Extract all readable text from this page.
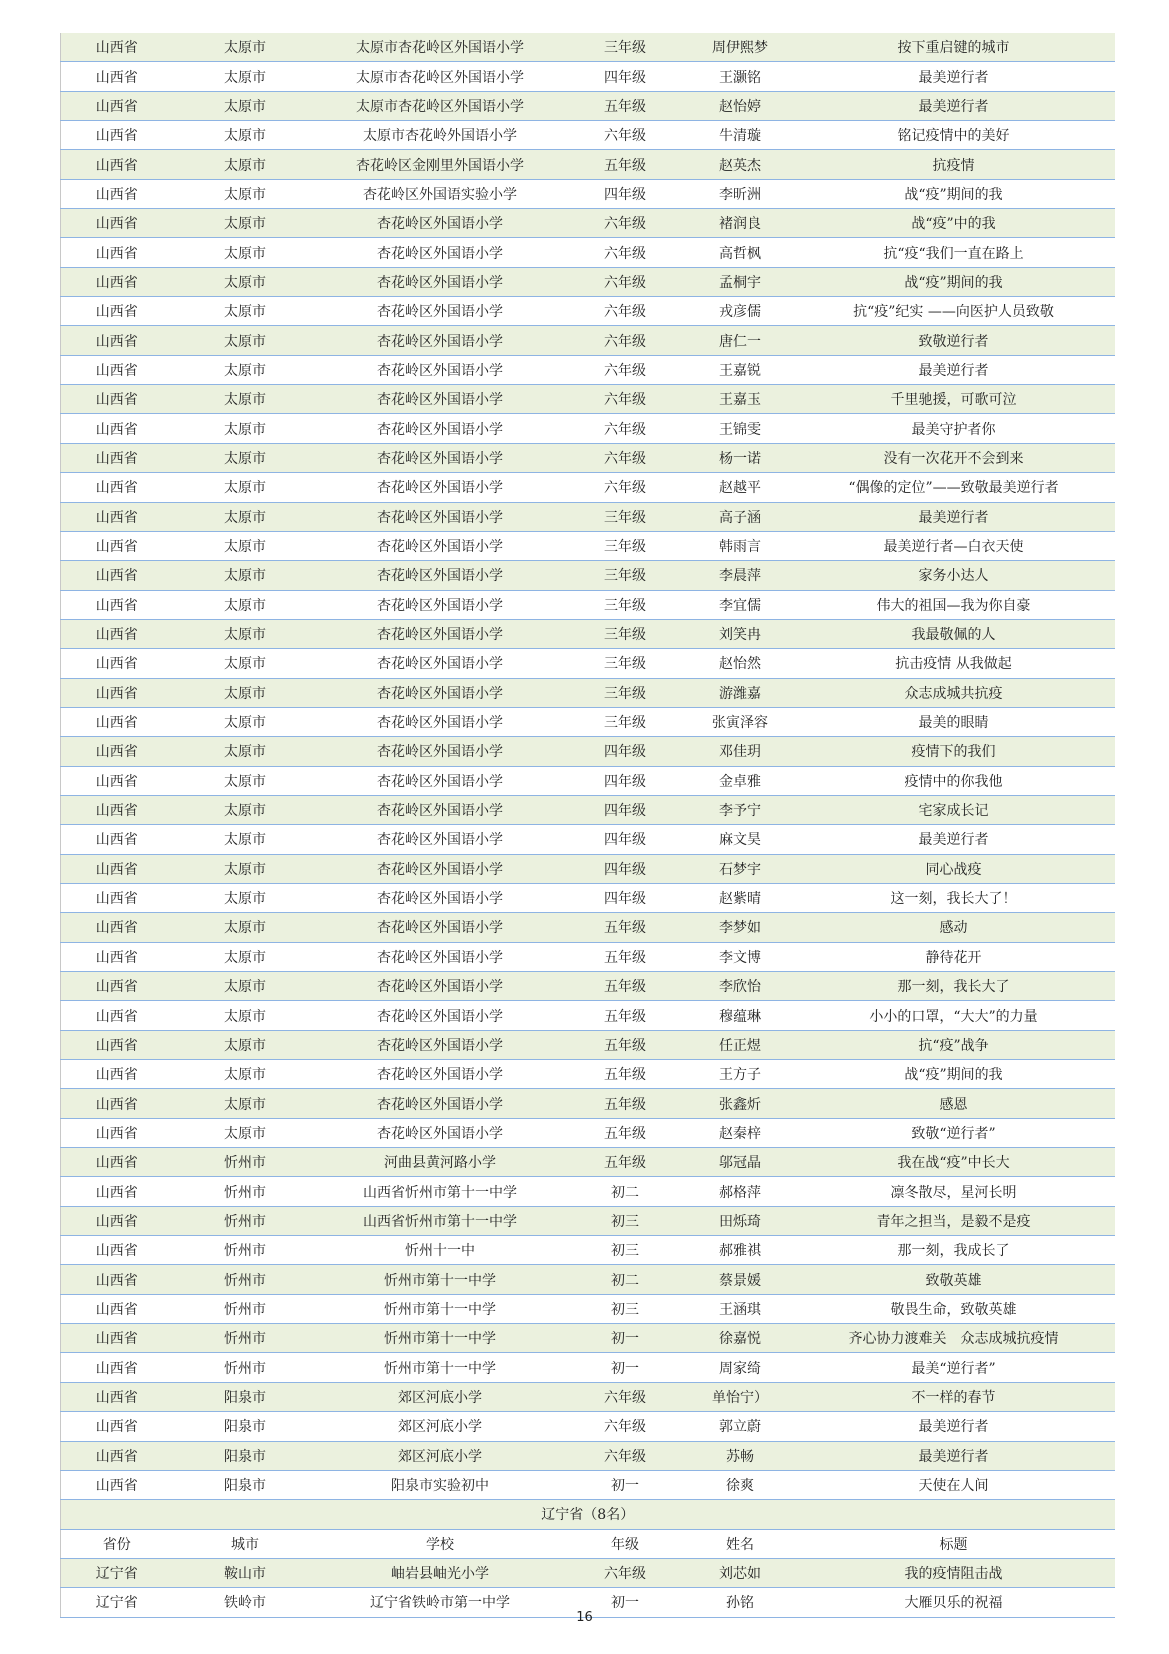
山西省	太原市	太原市杏花岭区外国语小学	三年级	周伊熙梦	按下重启键的城市
山西省	太原市	太原市杏花岭区外国语小学	四年级	王灏铭	最美逆行者
山西省	太原市	太原市杏花岭区外国语小学	五年级	赵怡婷	最美逆行者
山西省	太原市	太原市杏花岭外国语小学	六年级	牛清璇	铭记疫情中的美好
山西省	太原市	杏花岭区金刚里外国语小学	五年级	赵英杰	抗疫情
山西省	太原市	杏花岭区外国语实验小学	四年级	李昕洲	战“疫”期间的我
山西省	太原市	杏花岭区外国语小学	六年级	褚润良	战“疫”中的我
山西省	太原市	杏花岭区外国语小学	六年级	高哲枫	抗“疫“我们一直在路上
山西省	太原市	杏花岭区外国语小学	六年级	孟桐宇	战“疫”期间的我
山西省	太原市	杏花岭区外国语小学	六年级	戎彦儒	抗“疫”纪实 ——向医护人员致敬
山西省	太原市	杏花岭区外国语小学	六年级	唐仁一	致敬逆行者
山西省	太原市	杏花岭区外国语小学	六年级	王嘉锐	最美逆行者
山西省	太原市	杏花岭区外国语小学	六年级	王嘉玉	千里驰援，可歌可泣
山西省	太原市	杏花岭区外国语小学	六年级	王锦雯	最美守护者你
山西省	太原市	杏花岭区外国语小学	六年级	杨一诺	没有一次花开不会到来
山西省	太原市	杏花岭区外国语小学	六年级	赵越平	“偶像的定位”——致敬最美逆行者
山西省	太原市	杏花岭区外国语小学	三年级	高子涵	最美逆行者
山西省	太原市	杏花岭区外国语小学	三年级	韩雨言	最美逆行者—白衣天使
山西省	太原市	杏花岭区外国语小学	三年级	李晨萍	家务小达人
山西省	太原市	杏花岭区外国语小学	三年级	李宜儒	伟大的祖国—我为你自豪
山西省	太原市	杏花岭区外国语小学	三年级	刘笑冉	我最敬佩的人
山西省	太原市	杏花岭区外国语小学	三年级	赵怡然	抗击疫情 从我做起
山西省	太原市	杏花岭区外国语小学	三年级	游潍嘉	众志成城共抗疫
山西省	太原市	杏花岭区外国语小学	三年级	张寅泽容	最美的眼睛
山西省	太原市	杏花岭区外国语小学	四年级	邓佳玥	疫情下的我们
山西省	太原市	杏花岭区外国语小学	四年级	金卓雅	疫情中的你我他
山西省	太原市	杏花岭区外国语小学	四年级	李予宁	宅家成长记
山西省	太原市	杏花岭区外国语小学	四年级	麻文昊	最美逆行者
山西省	太原市	杏花岭区外国语小学	四年级	石梦宇	同心战疫
山西省	太原市	杏花岭区外国语小学	四年级	赵紫晴	这一刻，我长大了！
山西省	太原市	杏花岭区外国语小学	五年级	李梦如	感动
山西省	太原市	杏花岭区外国语小学	五年级	李文博	静待花开
山西省	太原市	杏花岭区外国语小学	五年级	李欣怡	那一刻，我长大了
山西省	太原市	杏花岭区外国语小学	五年级	穆蕴琳	小小的口罩，“大大”的力量
山西省	太原市	杏花岭区外国语小学	五年级	任正煜	抗“疫”战争
山西省	太原市	杏花岭区外国语小学	五年级	王方子	战“疫”期间的我
山西省	太原市	杏花岭区外国语小学	五年级	张鑫炘	感恩
山西省	太原市	杏花岭区外国语小学	五年级	赵秦梓	致敬“逆行者”
山西省	忻州市	河曲县黄河路小学	五年级	邬冠晶	我在战“疫”中长大
山西省	忻州市	山西省忻州市第十一中学	初二	郝格萍	凛冬散尽，星河长明
山西省	忻州市	山西省忻州市第十一中学	初三	田烁琦	青年之担当，是毅不是疫
山西省	忻州市	忻州十一中	初三	郝雅祺	那一刻，我成长了
山西省	忻州市	忻州市第十一中学	初二	蔡景媛	致敬英雄
山西省	忻州市	忻州市第十一中学	初三	王涵琪	敬畏生命，致敬英雄
山西省	忻州市	忻州市第十一中学	初一	徐嘉悦	齐心协力渡难关　众志成城抗疫情
山西省	忻州市	忻州市第十一中学	初一	周家绮	最美“逆行者”
山西省	阳泉市	郊区河底小学	六年级	单怡宁）	不一样的春节
山西省	阳泉市	郊区河底小学	六年级	郭立蔚	最美逆行者
山西省	阳泉市	郊区河底小学	六年级	苏畅	最美逆行者
山西省	阳泉市	阳泉市实验初中	初一	徐爽	天使在人间
辽宁省（8名）					
省份	城市	学校	年级	姓名	标题
辽宁省	鞍山市	岫岩县岫光小学	六年级	刘芯如	我的疫情阻击战
辽宁省	铁岭市	辽宁省铁岭市第一中学	初一	孙铭	大雁贝乐的祝福
16
